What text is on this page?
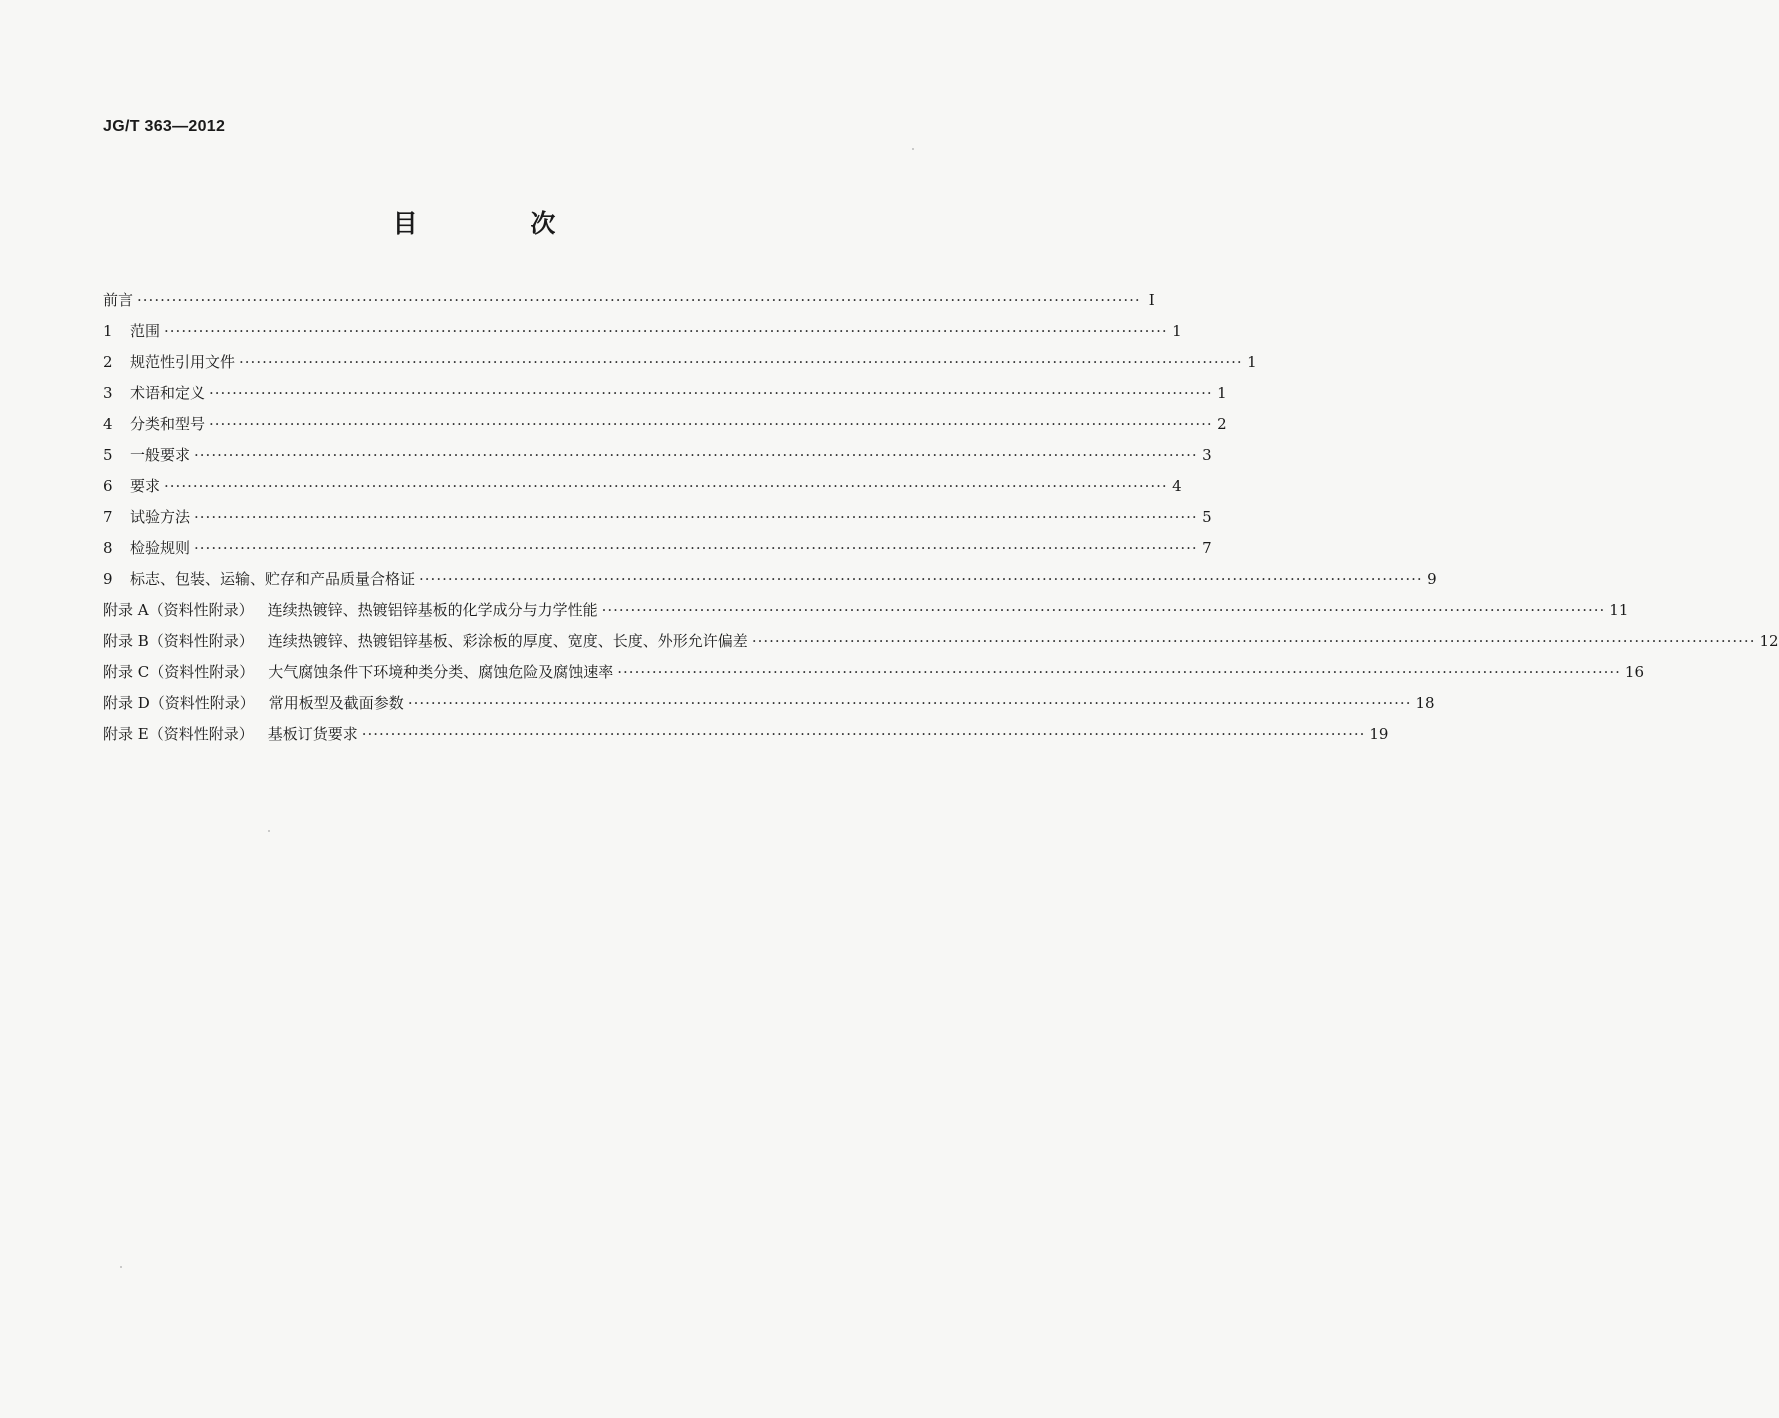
JG/T 363—2012
目 次
前言 ·····	Ⅰ
1	范围 ·····	1
2	规范性引用文件 ·····	1
3	术语和定义 ·····	1
4	分类和型号 ·····	2
5	一般要求 ·····	3
6	要求 ·····	4
7	试验方法 ·····	5
8	检验规则 ·····	7
9	标志、包装、运输、贮存和产品质量合格证 ·····	9
附录 A（资料性附录） 连续热镀锌、热镀铝锌基板的化学成分与力学性能 ·····	11
附录 B（资料性附录） 连续热镀锌、热镀铝锌基板、彩涂板的厚度、宽度、长度、外形允许偏差 ·····	12
附录 C（资料性附录） 大气腐蚀条件下环境种类分类、腐蚀危险及腐蚀速率 ·····	16
附录 D（资料性附录） 常用板型及截面参数 ·····	18
附录 E（资料性附录） 基板订货要求 ·····	19
